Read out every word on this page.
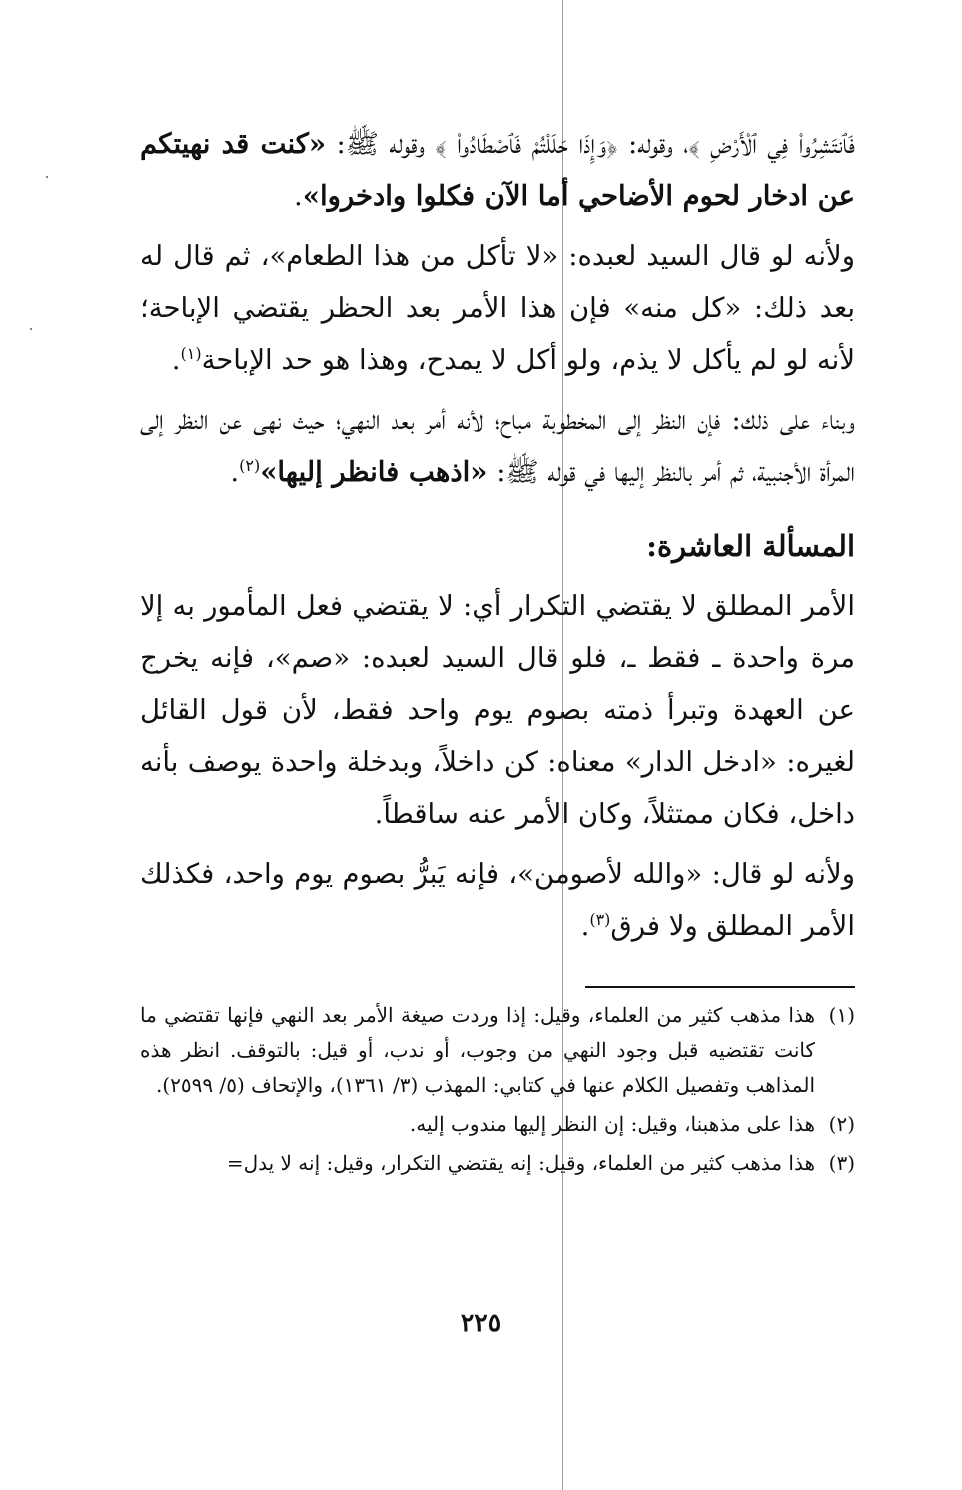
فَٱنتَشِرُواْ فِي ٱلْأَرْضِ ﴾، وقوله: ﴿وَإِذَا حَلَلْتُمْ فَٱصْطَادُواْ ﴾ وقوله ﷺ: «كنت قد نهيتكم عن ادخار لحوم الأضاحي أما الآن فكلوا وادخروا».

ولأنه لو قال السيد لعبده: «لا تأكل من هذا الطعام»، ثم قال له بعد ذلك: «كل منه» فإن هذا الأمر بعد الحظر يقتضي الإباحة؛ لأنه لو لم يأكل لا يذم، ولو أكل لا يمدح، وهذا هو حد الإباحة$^{(١)}$.

وبناء على ذلك: فإن النظر إلى المخطوبة مباح؛ لأنه أمر بعد النهي؛ حيث نهى عن النظر إلى المرأة الأجنبية، ثم أمر بالنظر إليها في قوله ﷺ: «اذهب فانظر إليها»$^{(٢)}$.

المسألة العاشرة:

الأمر المطلق لا يقتضي التكرار أي: لا يقتضي فعل المأمور به إلا مرة واحدة ـ فقط ـ، فلو قال السيد لعبده: «صم»، فإنه يخرج عن العهدة وتبرأ ذمته بصوم يوم واحد فقط، لأن قول القائل لغيره: «ادخل الدار» معناه: كن داخلاً، وبدخلة واحدة يوصف بأنه داخل، فكان ممتثلاً، وكان الأمر عنه ساقطاً.

ولأنه لو قال: «والله لأصومن»، فإنه يَبرُّ بصوم يوم واحد، فكذلك الأمر المطلق ولا فرق$^{(٣)}$.

(١)
هذا مذهب كثير من العلماء، وقيل: إذا وردت صيغة الأمر بعد النهي فإنها تقتضي ما كانت تقتضيه قبل وجود النهي من وجوب، أو ندب، أو قيل: بالتوقف. انظر هذه المذاهب وتفصيل الكلام عنها في كتابي: المهذب (٣/ ١٣٦١)، والإتحاف (٥/ ٢٥٩٩).
(٢)
هذا على مذهبنا، وقيل: إن النظر إليها مندوب إليه.
(٣)
هذا مذهب كثير من العلماء، وقيل: إنه يقتضي التكرار، وقيل: إنه لا يدل=
٢٢٥
